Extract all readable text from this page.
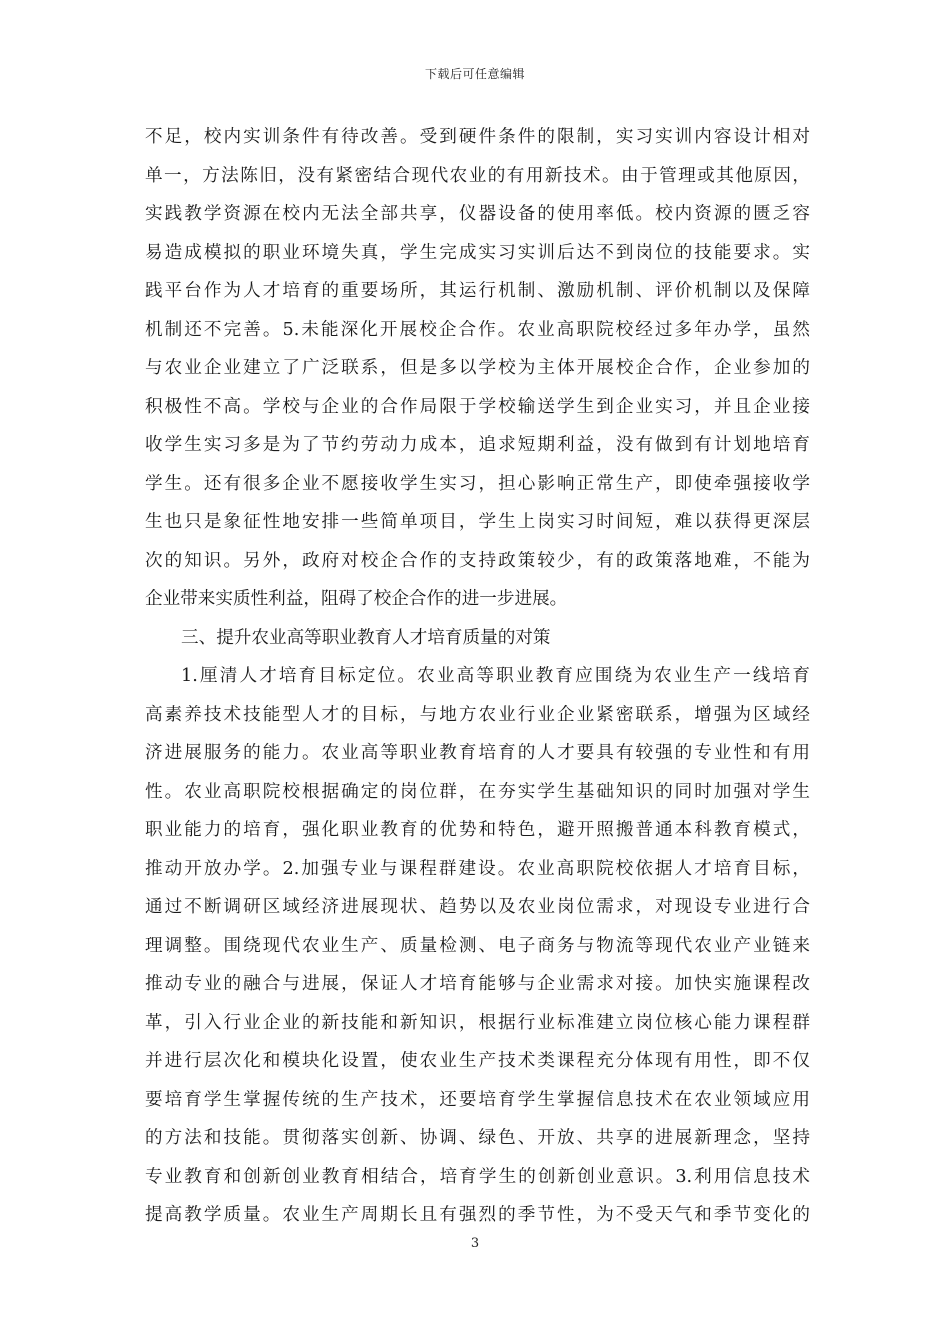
下载后可任意编辑
不足，校内实训条件有待改善。受到硬件条件的限制，实习实训内容设计相对
单一，方法陈旧，没有紧密结合现代农业的有用新技术。由于管理或其他原因，
实践教学资源在校内无法全部共享，仪器设备的使用率低。校内资源的匮乏容
易造成模拟的职业环境失真，学生完成实习实训后达不到岗位的技能要求。实
践平台作为人才培育的重要场所，其运行机制、激励机制、评价机制以及保障
机制还不完善。5.未能深化开展校企合作。农业高职院校经过多年办学，虽然
与农业企业建立了广泛联系，但是多以学校为主体开展校企合作，企业参加的
积极性不高。学校与企业的合作局限于学校输送学生到企业实习，并且企业接
收学生实习多是为了节约劳动力成本，追求短期利益，没有做到有计划地培育
学生。还有很多企业不愿接收学生实习，担心影响正常生产，即使牵强接收学
生也只是象征性地安排一些简单项目，学生上岗实习时间短，难以获得更深层
次的知识。另外，政府对校企合作的支持政策较少，有的政策落地难，不能为
企业带来实质性利益，阻碍了校企合作的进一步进展。
三、提升农业高等职业教育人才培育质量的对策
1.厘清人才培育目标定位。农业高等职业教育应围绕为农业生产一线培育
高素养技术技能型人才的目标，与地方农业行业企业紧密联系，增强为区域经
济进展服务的能力。农业高等职业教育培育的人才要具有较强的专业性和有用
性。农业高职院校根据确定的岗位群，在夯实学生基础知识的同时加强对学生
职业能力的培育，强化职业教育的优势和特色，避开照搬普通本科教育模式，
推动开放办学。2.加强专业与课程群建设。农业高职院校依据人才培育目标，
通过不断调研区域经济进展现状、趋势以及农业岗位需求，对现设专业进行合
理调整。围绕现代农业生产、质量检测、电子商务与物流等现代农业产业链来
推动专业的融合与进展，保证人才培育能够与企业需求对接。加快实施课程改
革，引入行业企业的新技能和新知识，根据行业标准建立岗位核心能力课程群
并进行层次化和模块化设置，使农业生产技术类课程充分体现有用性，即不仅
要培育学生掌握传统的生产技术，还要培育学生掌握信息技术在农业领域应用
的方法和技能。贯彻落实创新、协调、绿色、开放、共享的进展新理念，坚持
专业教育和创新创业教育相结合，培育学生的创新创业意识。3.利用信息技术
提高教学质量。农业生产周期长且有强烈的季节性，为不受天气和季节变化的
3
